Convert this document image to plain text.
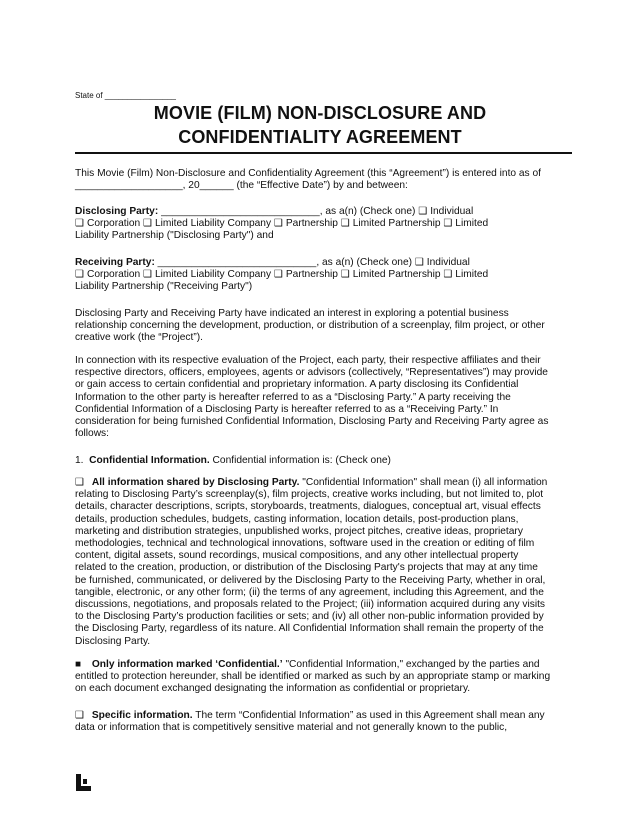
State of ________________
MOVIE (FILM) NON-DISCLOSURE AND
CONFIDENTIALITY AGREEMENT

This Movie (Film) Non-Disclosure and Confidentiality Agreement (this “Agreement”) is entered into as of

___________________, 20______ (the “Effective Date”) by and between:

Disclosing Party: ____________________________, as a(n) (Check one) ❑ Individual

❑ Corporation ❑ Limited Liability Company ❑ Partnership ❑ Limited Partnership ❑ Limited

Liability Partnership ("Disclosing Party") and

Receiving Party: ____________________________, as a(n) (Check one) ❑ Individual

❑ Corporation ❑ Limited Liability Company ❑ Partnership ❑ Limited Partnership ❑ Limited

Liability Partnership ("Receiving Party")

Disclosing Party and Receiving Party have indicated an interest in exploring a potential business

relationship concerning the development, production, or distribution of a screenplay, film project, or other

creative work (the “Project”).

In connection with its respective evaluation of the Project, each party, their respective affiliates and their

respective directors, officers, employees, agents or advisors (collectively, “Representatives”) may provide

or gain access to certain confidential and proprietary information. A party disclosing its Confidential

Information to the other party is hereafter referred to as a “Disclosing Party.” A party receiving the

Confidential Information of a Disclosing Party is hereafter referred to as a “Receiving Party.” In

consideration for being furnished Confidential Information, Disclosing Party and Receiving Party agree as

follows:

1. Confidential Information. Confidential information is: (Check one)

❑ All information shared by Disclosing Party. "Confidential Information" shall mean (i) all information

relating to Disclosing Party’s screenplay(s), film projects, creative works including, but not limited to, plot

details, character descriptions, scripts, storyboards, treatments, dialogues, conceptual art, visual effects

details, production schedules, budgets, casting information, location details, post-production plans,

marketing and distribution strategies, unpublished works, project pitches, creative ideas, proprietary

methodologies, technical and technological innovations, software used in the creation or editing of film

content, digital assets, sound recordings, musical compositions, and any other intellectual property

related to the creation, production, or distribution of the Disclosing Party's projects that may at any time

be furnished, communicated, or delivered by the Disclosing Party to the Receiving Party, whether in oral,

tangible, electronic, or any other form; (ii) the terms of any agreement, including this Agreement, and the

discussions, negotiations, and proposals related to the Project; (iii) information acquired during any visits

to the Disclosing Party’s production facilities or sets; and (iv) all other non-public information provided by

the Disclosing Party, regardless of its nature. All Confidential Information shall remain the property of the

Disclosing Party.

■ Only information marked ‘Confidential.’ "Confidential Information," exchanged by the parties and

entitled to protection hereunder, shall be identified or marked as such by an appropriate stamp or marking

on each document exchanged designating the information as confidential or proprietary.

❑ Specific information. The term “Confidential Information” as used in this Agreement shall mean any

data or information that is competitively sensitive material and not generally known to the public,
